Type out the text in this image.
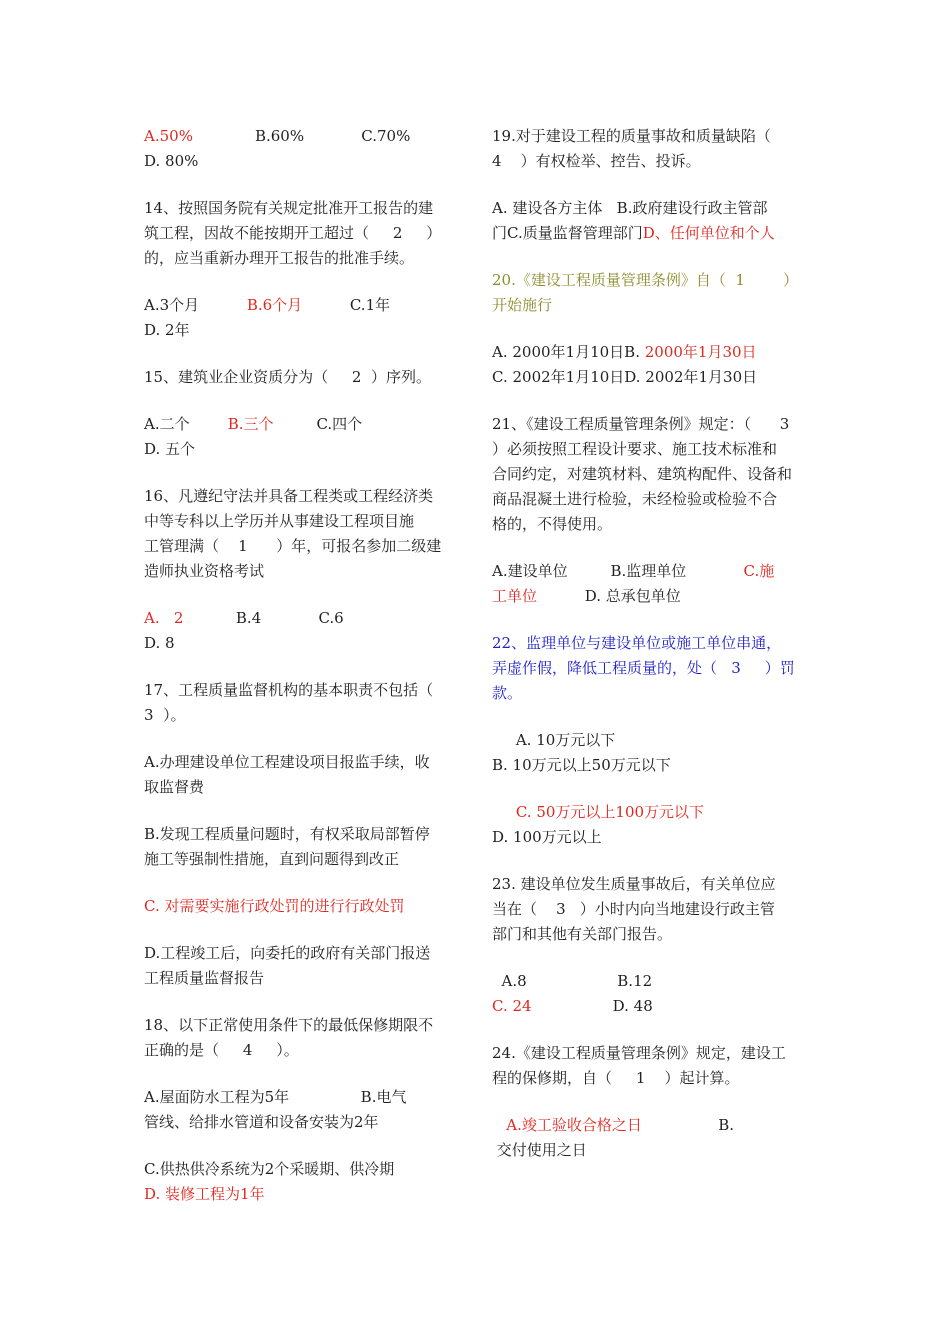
A.50%             B.60%            C.70%
D. 80%
14、按照国务院有关规定批准开工报告的建
筑工程，因故不能按期开工超过（     2     ）
的，应当重新办理开工报告的批准手续。
A.3个月          B.6个月          C.1年
D. 2年
15、建筑业企业资质分为（     2  ）序列。
A.二个        B.三个         C.四个
D. 五个
16、凡遵纪守法并具备工程类或工程经济类
中等专科以上学历并从事建设工程项目施
工管理满（    1      ）年，可报名参加二级建
造师执业资格考试
A.   2           B.4            C.6
D. 8
17、工程质量监督机构的基本职责不包括（
3  ）。
A.办理建设单位工程建设项目报监手续，收
取监督费
B.发现工程质量问题时，有权采取局部暂停
施工等强制性措施，直到问题得到改正
C. 对需要实施行政处罚的进行行政处罚
D.工程竣工后，向委托的政府有关部门报送
工程质量监督报告
18、以下正常使用条件下的最低保修期限不
正确的是（     4     ）。
A.屋面防水工程为5年               B.电气
管线、给排水管道和设备安装为2年
C.供热供冷系统为2个采暖期、供冷期
D. 装修工程为1年
19.对于建设工程的质量事故和质量缺陷（
4    ）有权检举、控告、投诉。
A. 建设各方主体   B.政府建设行政主管部
门C.质量监督管理部门D、任何单位和个人
20.《建设工程质量管理条例》自（  1        ）
开始施行
A. 2000年1月10日B. 2000年1月30日
C. 2002年1月10日D. 2002年1月30日
21、《建设工程质量管理条例》规定：（      3
）必须按照工程设计要求、施工技术标准和
合同约定，对建筑材料、建筑构配件、设备和
商品混凝土进行检验，未经检验或检验不合
格的，不得使用。
A.建设单位         B.监理单位            C.施
工单位          D. 总承包单位
22、监理单位与建设单位或施工单位串通，
弄虚作假，降低工程质量的，处（   3     ）罚
款。
A. 10万元以下
B. 10万元以上50万元以下
C. 50万元以上100万元以下
D. 100万元以上
23. 建设单位发生质量事故后，有关单位应
当在（    3   ）小时内向当地建设行政主管
部门和其他有关部门报告。
A.8                   B.12
C. 24                 D. 48
24.《建设工程质量管理条例》规定，建设工
程的保修期，自（     1    ）起计算。
A.竣工验收合格之日                B.
交付使用之日
